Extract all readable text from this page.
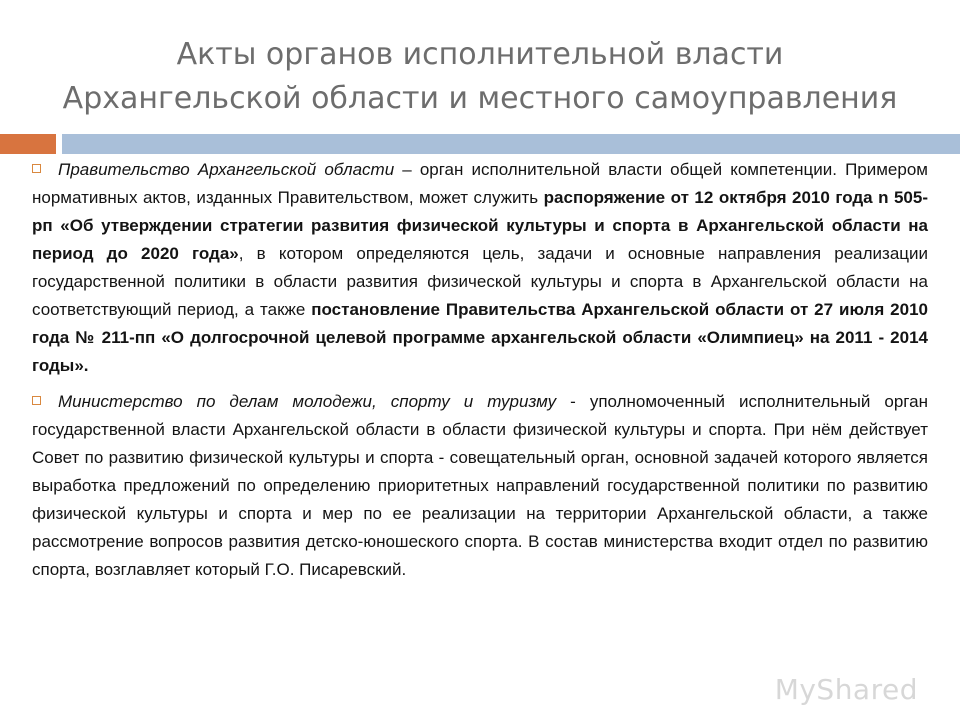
Акты органов исполнительной власти
Архангельской области и местного самоуправления

Правительство Архангельской области – орган исполнительной власти общей компетенции. Примером нормативных актов, изданных Правительством, может служить распоряжение от 12 октября 2010 года n 505-рп «Об утверждении стратегии развития физической культуры и спорта в Архангельской области на период до 2020 года», в котором определяются цель, задачи и основные направления реализации государственной политики в области развития физической культуры и спорта в Архангельской области на соответствующий период, а также постановление Правительства Архангельской области от 27 июля 2010 года № 211-пп «О долгосрочной целевой программе архангельской области «Олимпиец» на 2011 - 2014 годы».

Министерство по делам молодежи, спорту и туризму - уполномоченный исполнительный орган государственной власти Архангельской области в области физической культуры и спорта. При нём действует Совет по развитию физической культуры и спорта - совещательный орган, основной задачей которого является выработка предложений по определению приоритетных направлений государственной политики по развитию физической культуры и спорта и мер по ее реализации на территории Архангельской области, а также рассмотрение вопросов развития детско-юношеского спорта. В состав министерства входит отдел по развитию спорта, возглавляет который Г.О. Писаревский.

MyShared
